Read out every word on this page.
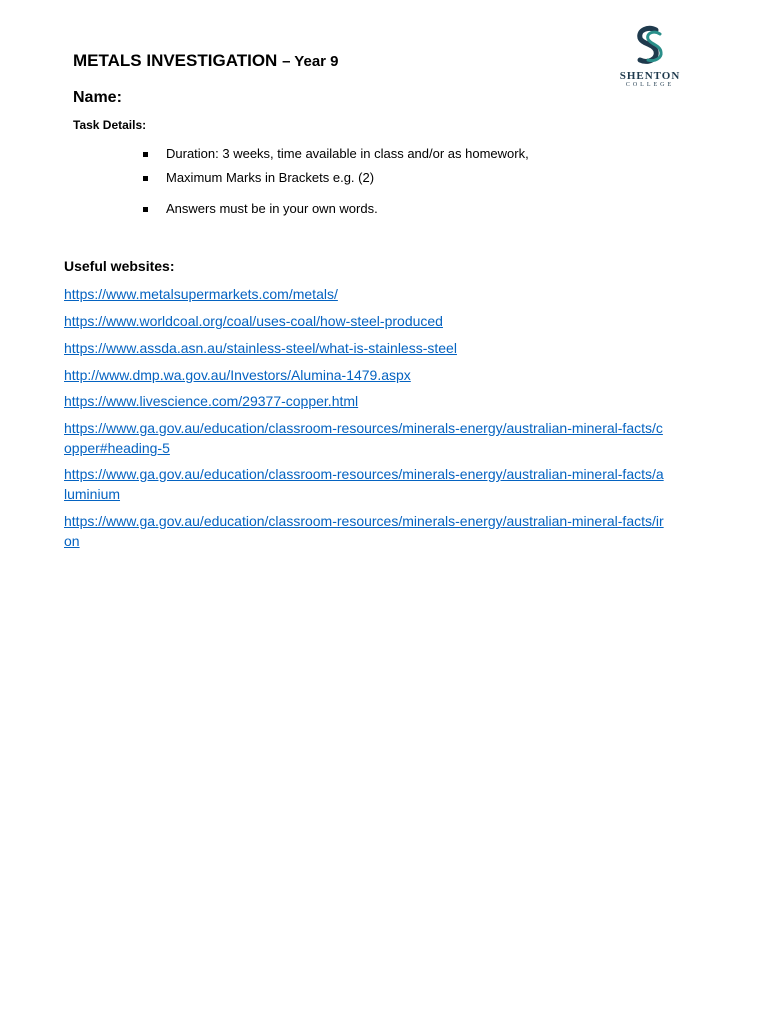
METALS INVESTIGATION – Year 9
Name:
Task Details:
Duration: 3 weeks, time available in class and/or as homework,
Maximum Marks in Brackets e.g. (2)
Answers must be in your own words.
Useful websites:
https://www.metalsupermarkets.com/metals/
https://www.worldcoal.org/coal/uses-coal/how-steel-produced
https://www.assda.asn.au/stainless-steel/what-is-stainless-steel
http://www.dmp.wa.gov.au/Investors/Alumina-1479.aspx
https://www.livescience.com/29377-copper.html
https://www.ga.gov.au/education/classroom-resources/minerals-energy/australian-mineral-facts/copper#heading-5
https://www.ga.gov.au/education/classroom-resources/minerals-energy/australian-mineral-facts/aluminium
https://www.ga.gov.au/education/classroom-resources/minerals-energy/australian-mineral-facts/iron
SHENTON
COLLEGE
